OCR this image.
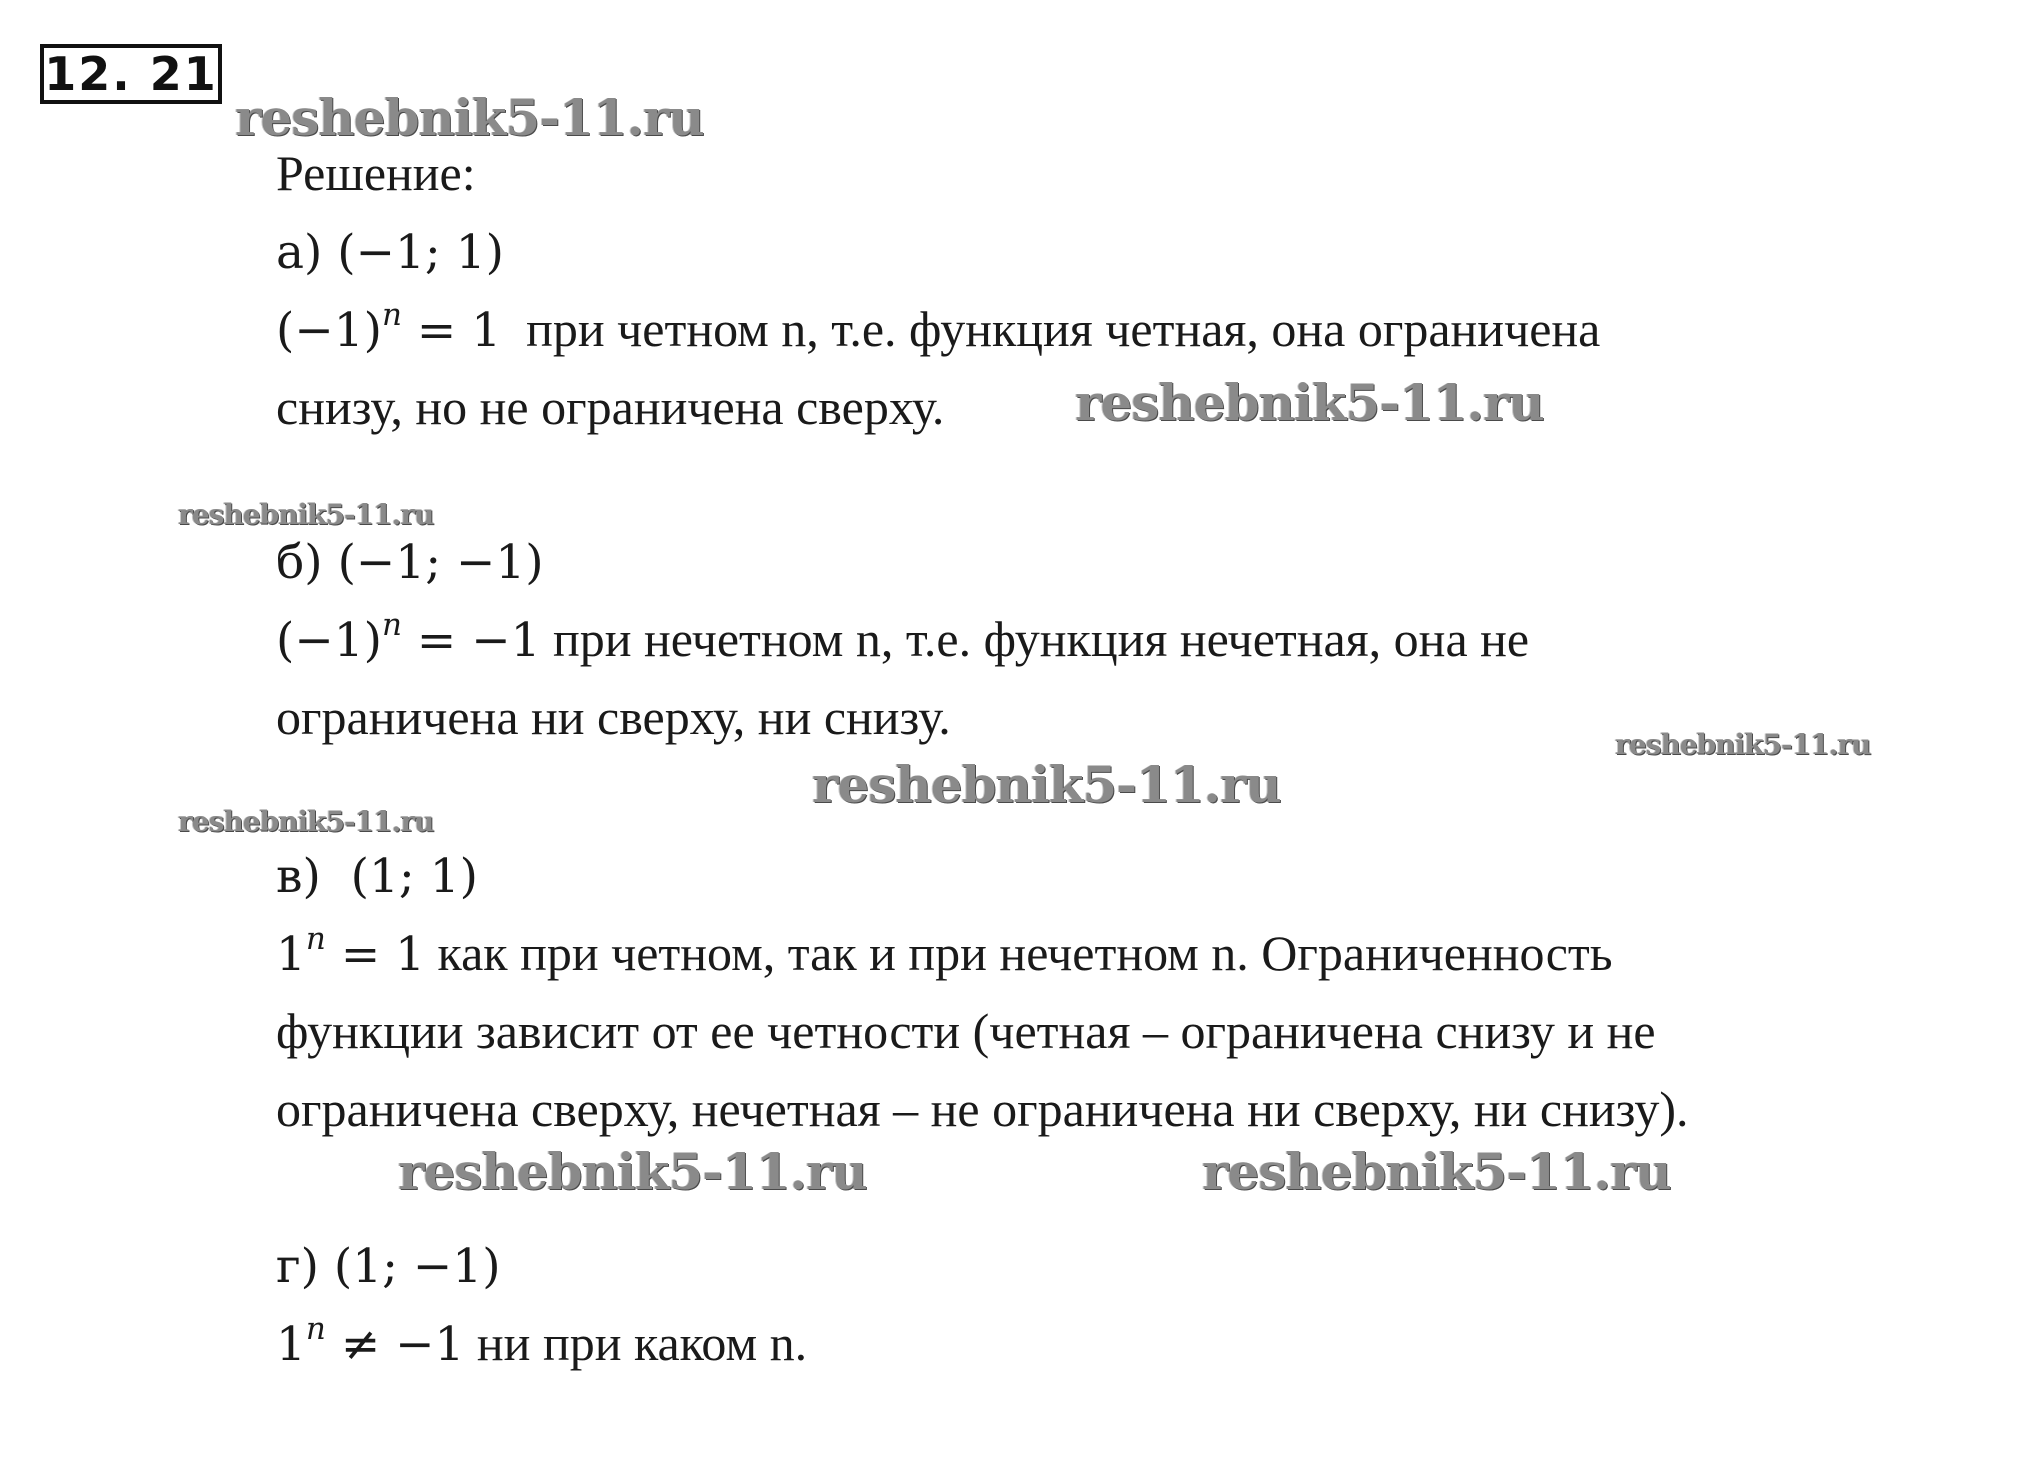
12. 21
reshebnik5-11.ru
reshebnik5-11.ru
reshebnik5-11.ru
reshebnik5-11.ru
reshebnik5-11.ru
reshebnik5-11.ru
reshebnik5-11.ru	reshebnik5-11.ru
Решение:
а) (−1; 1)
$(-1)^n = 1$  при четном n, т.е. функция четная, она ограничена
снизу, но не ограничена сверху.
б) (−1; −1)
$(-1)^n = -1$ при нечетном n, т.е. функция нечетная, она не
ограничена ни сверху, ни снизу.
в)  (1; 1)
$1^n = 1$ как при четном, так и при нечетном n. Ограниченность
функции зависит от ее четности (четная – ограничена снизу и не
ограничена сверху, нечетная – не ограничена ни сверху, ни снизу).
г) (1; −1)
$1^n \ne -1$ ни при каком n.
